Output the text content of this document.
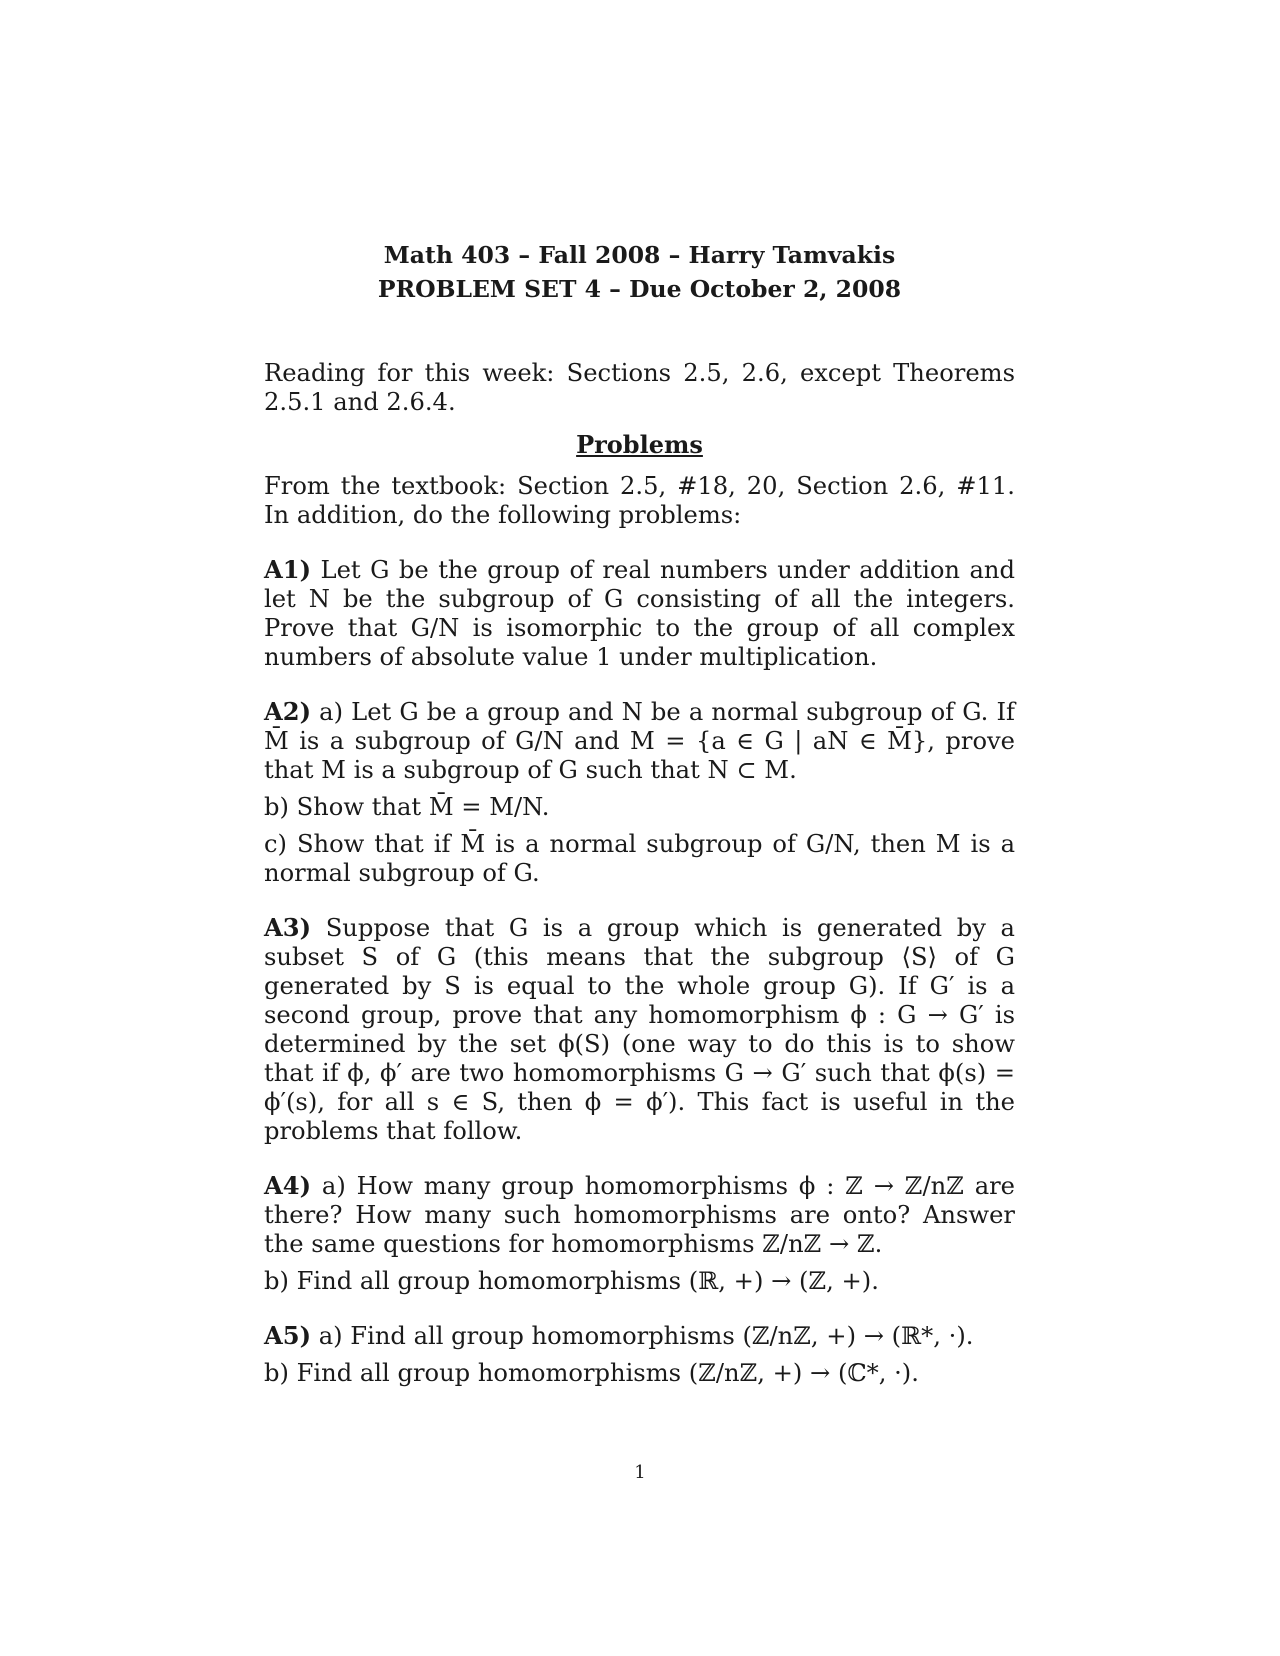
Math 403 – Fall 2008 – Harry Tamvakis
PROBLEM SET 4 – Due October 2, 2008

Reading for this week: Sections 2.5, 2.6, except Theorems 2.5.1 and 2.6.4.

Problems

From the textbook: Section 2.5, #18, 20, Section 2.6, #11. In addition, do the following problems:

A1) Let G be the group of real numbers under addition and let N be the subgroup of G consisting of all the integers. Prove that G/N is isomorphic to the group of all complex numbers of absolute value 1 under multiplication.

A2) a) Let G be a group and N be a normal subgroup of G. If M̄ is a subgroup of G/N and M = {a ∈ G | aN ∈ M̄}, prove that M is a subgroup of G such that N ⊂ M.

b) Show that M̄ = M/N.

c) Show that if M̄ is a normal subgroup of G/N, then M is a normal subgroup of G.

A3) Suppose that G is a group which is generated by a subset S of G (this means that the subgroup ⟨S⟩ of G generated by S is equal to the whole group G). If G′ is a second group, prove that any homomorphism ϕ : G → G′ is determined by the set ϕ(S) (one way to do this is to show that if ϕ, ϕ′ are two homomorphisms G → G′ such that ϕ(s) = ϕ′(s), for all s ∈ S, then ϕ = ϕ′). This fact is useful in the problems that follow.

A4) a) How many group homomorphisms ϕ : ℤ → ℤ/nℤ are there? How many such homomorphisms are onto? Answer the same questions for homomorphisms ℤ/nℤ → ℤ.

b) Find all group homomorphisms (ℝ, +) → (ℤ, +).

A5) a) Find all group homomorphisms (ℤ/nℤ, +) → (ℝ*, ·).

b) Find all group homomorphisms (ℤ/nℤ, +) → (ℂ*, ·).

1
